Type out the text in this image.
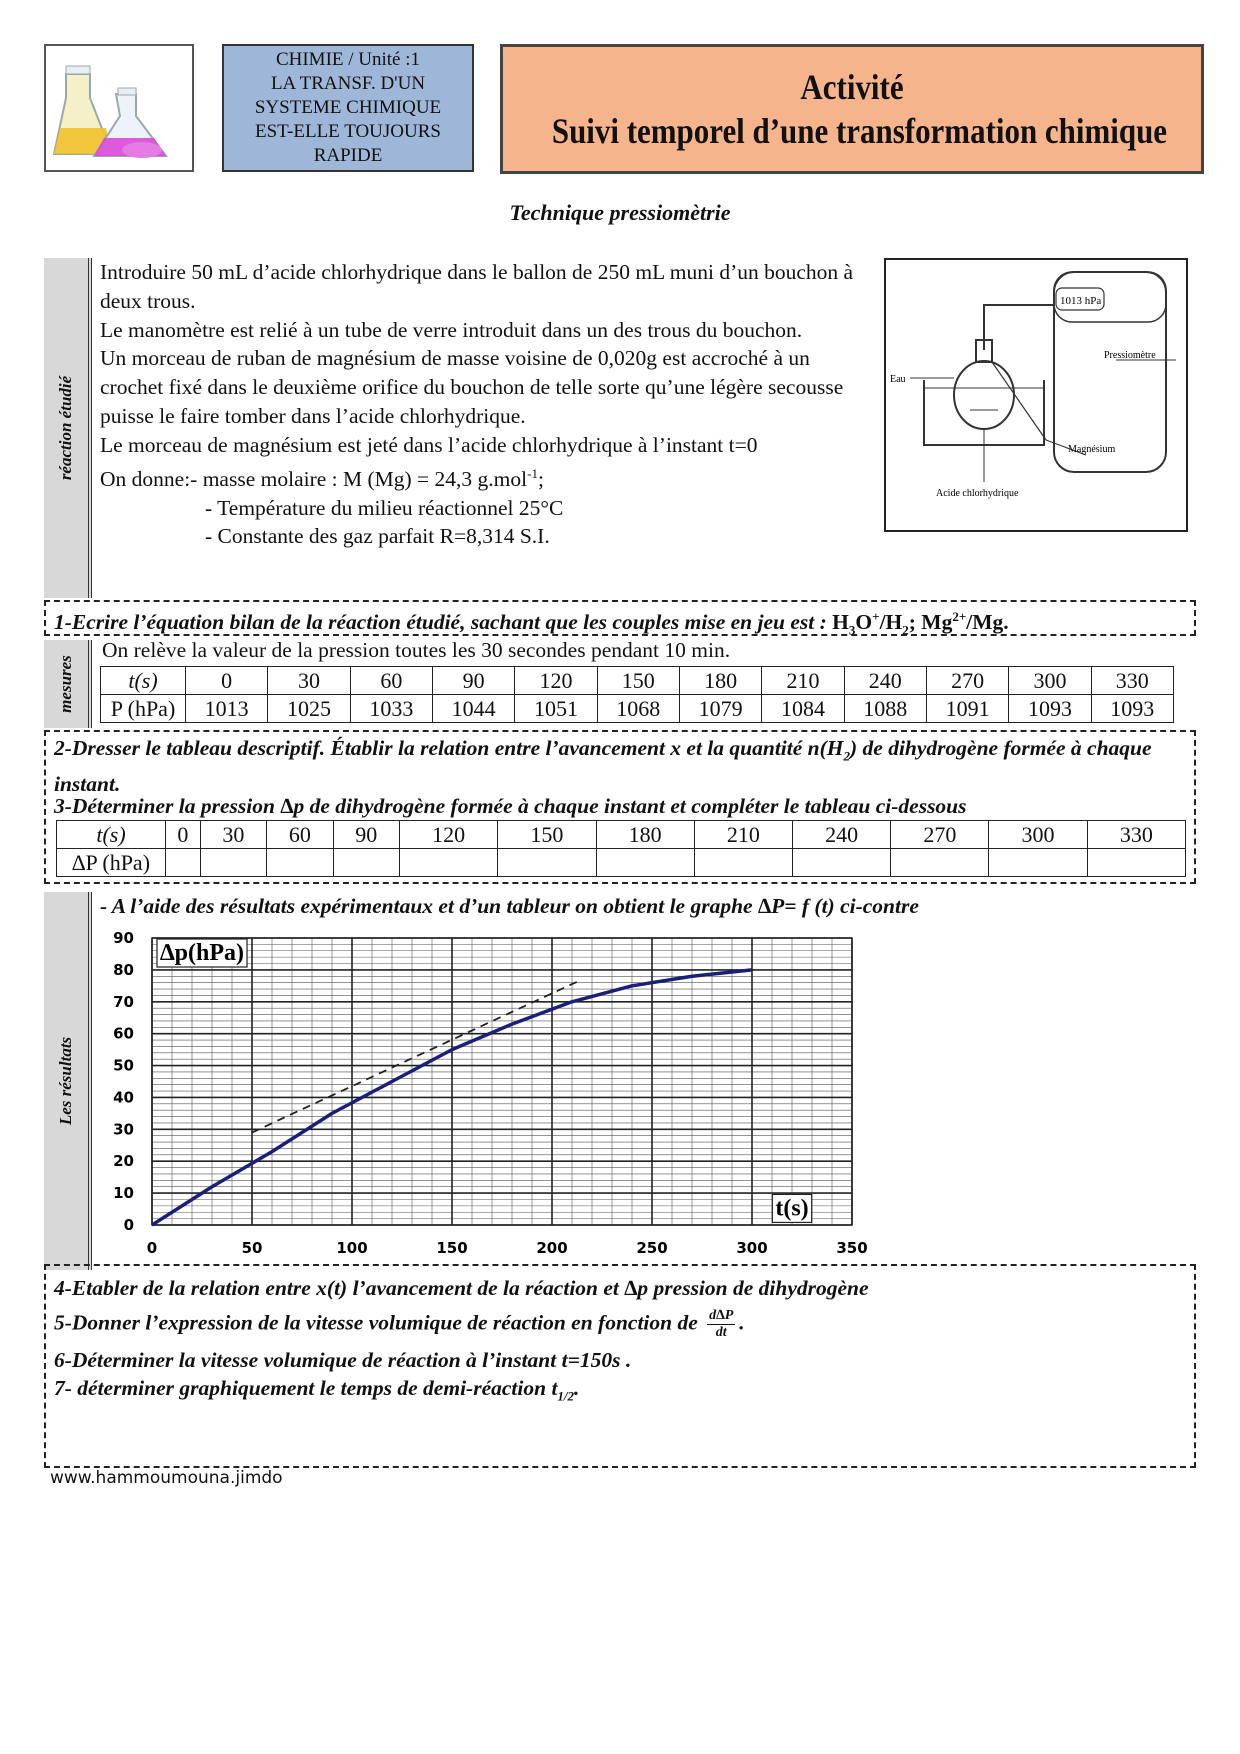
CHIMIE / Unité :1
LA TRANSF. D'UN
SYSTEME CHIMIQUE
EST-ELLE TOUJOURS
RAPIDE
Activité
Suivi temporel d’une transformation chimique
Technique pressiomètrie
réaction étudié

Introduire 50 mL d’acide chlorhydrique dans le ballon de 250 mL muni d’un bouchon à deux trous.

Le manomètre est relié à un tube de verre introduit dans un des trous du bouchon.

Un morceau de ruban de magnésium de masse voisine de 0,020g est accroché à un crochet fixé dans le deuxième orifice du bouchon de telle sorte qu’une légère secousse puisse le faire tomber dans l’acide chlorhydrique.

Le morceau de magnésium est jeté dans l’acide chlorhydrique à l’instant t=0

On donne:- masse molaire : M (Mg) = 24,3 g.mol$^{-1}$;

- Température du milieu réactionnel 25°C

- Constante des gaz parfait R=8,314 S.I.

1013 hPa
Pressiomètre
Magnésium
Eau
Acide chlorhydrique
1-Ecrire l’équation bilan de la réaction étudié, sachant que les couples mise en jeu est : $H_3O^+/H_2$; $Mg^{2+}/Mg$.
mesures
On relève la valeur de la pression toutes les 30 secondes pendant 10 min.
t(s)	0	30	60	90	120	150	180	210	240	270	300	330
P (hPa)	1013	1025	1033	1044	1051	1068	1079	1084	1088	1091	1093	1093
2-Dresser le tableau descriptif. Établir la relation entre l’avancement x et la quantité $n(H_2)$ de dihydrogène formée à chaque instant.
3-Déterminer la pression ∆p de dihydrogène formée à chaque instant et compléter le tableau ci-dessous
t(s)	0	30	60	90	120	150	180	210	240	270	300	330
∆P (hPa)												
Les résultats
- A l’aide des résultats expérimentaux et d’un tableur on obtient le graphe ∆P= f (t) ci-contre
0	50	100	150	200	250	300	350
0
10
20
30
40
50
60
70
80
90
∆p(hPa)
t(s)
4-Etabler de la relation entre x(t) l’avancement de la réaction et ∆p pression de dihydrogène
5-Donner l’expression de la vitesse volumique de réaction en fonction de $\frac{d\Delta P}{dt}$ .
6-Déterminer la vitesse volumique de réaction à l’instant t=150s .
7- déterminer graphiquement le temps de demi-réaction $t_{1/2}$.
www.hammoumouna.jimdo
